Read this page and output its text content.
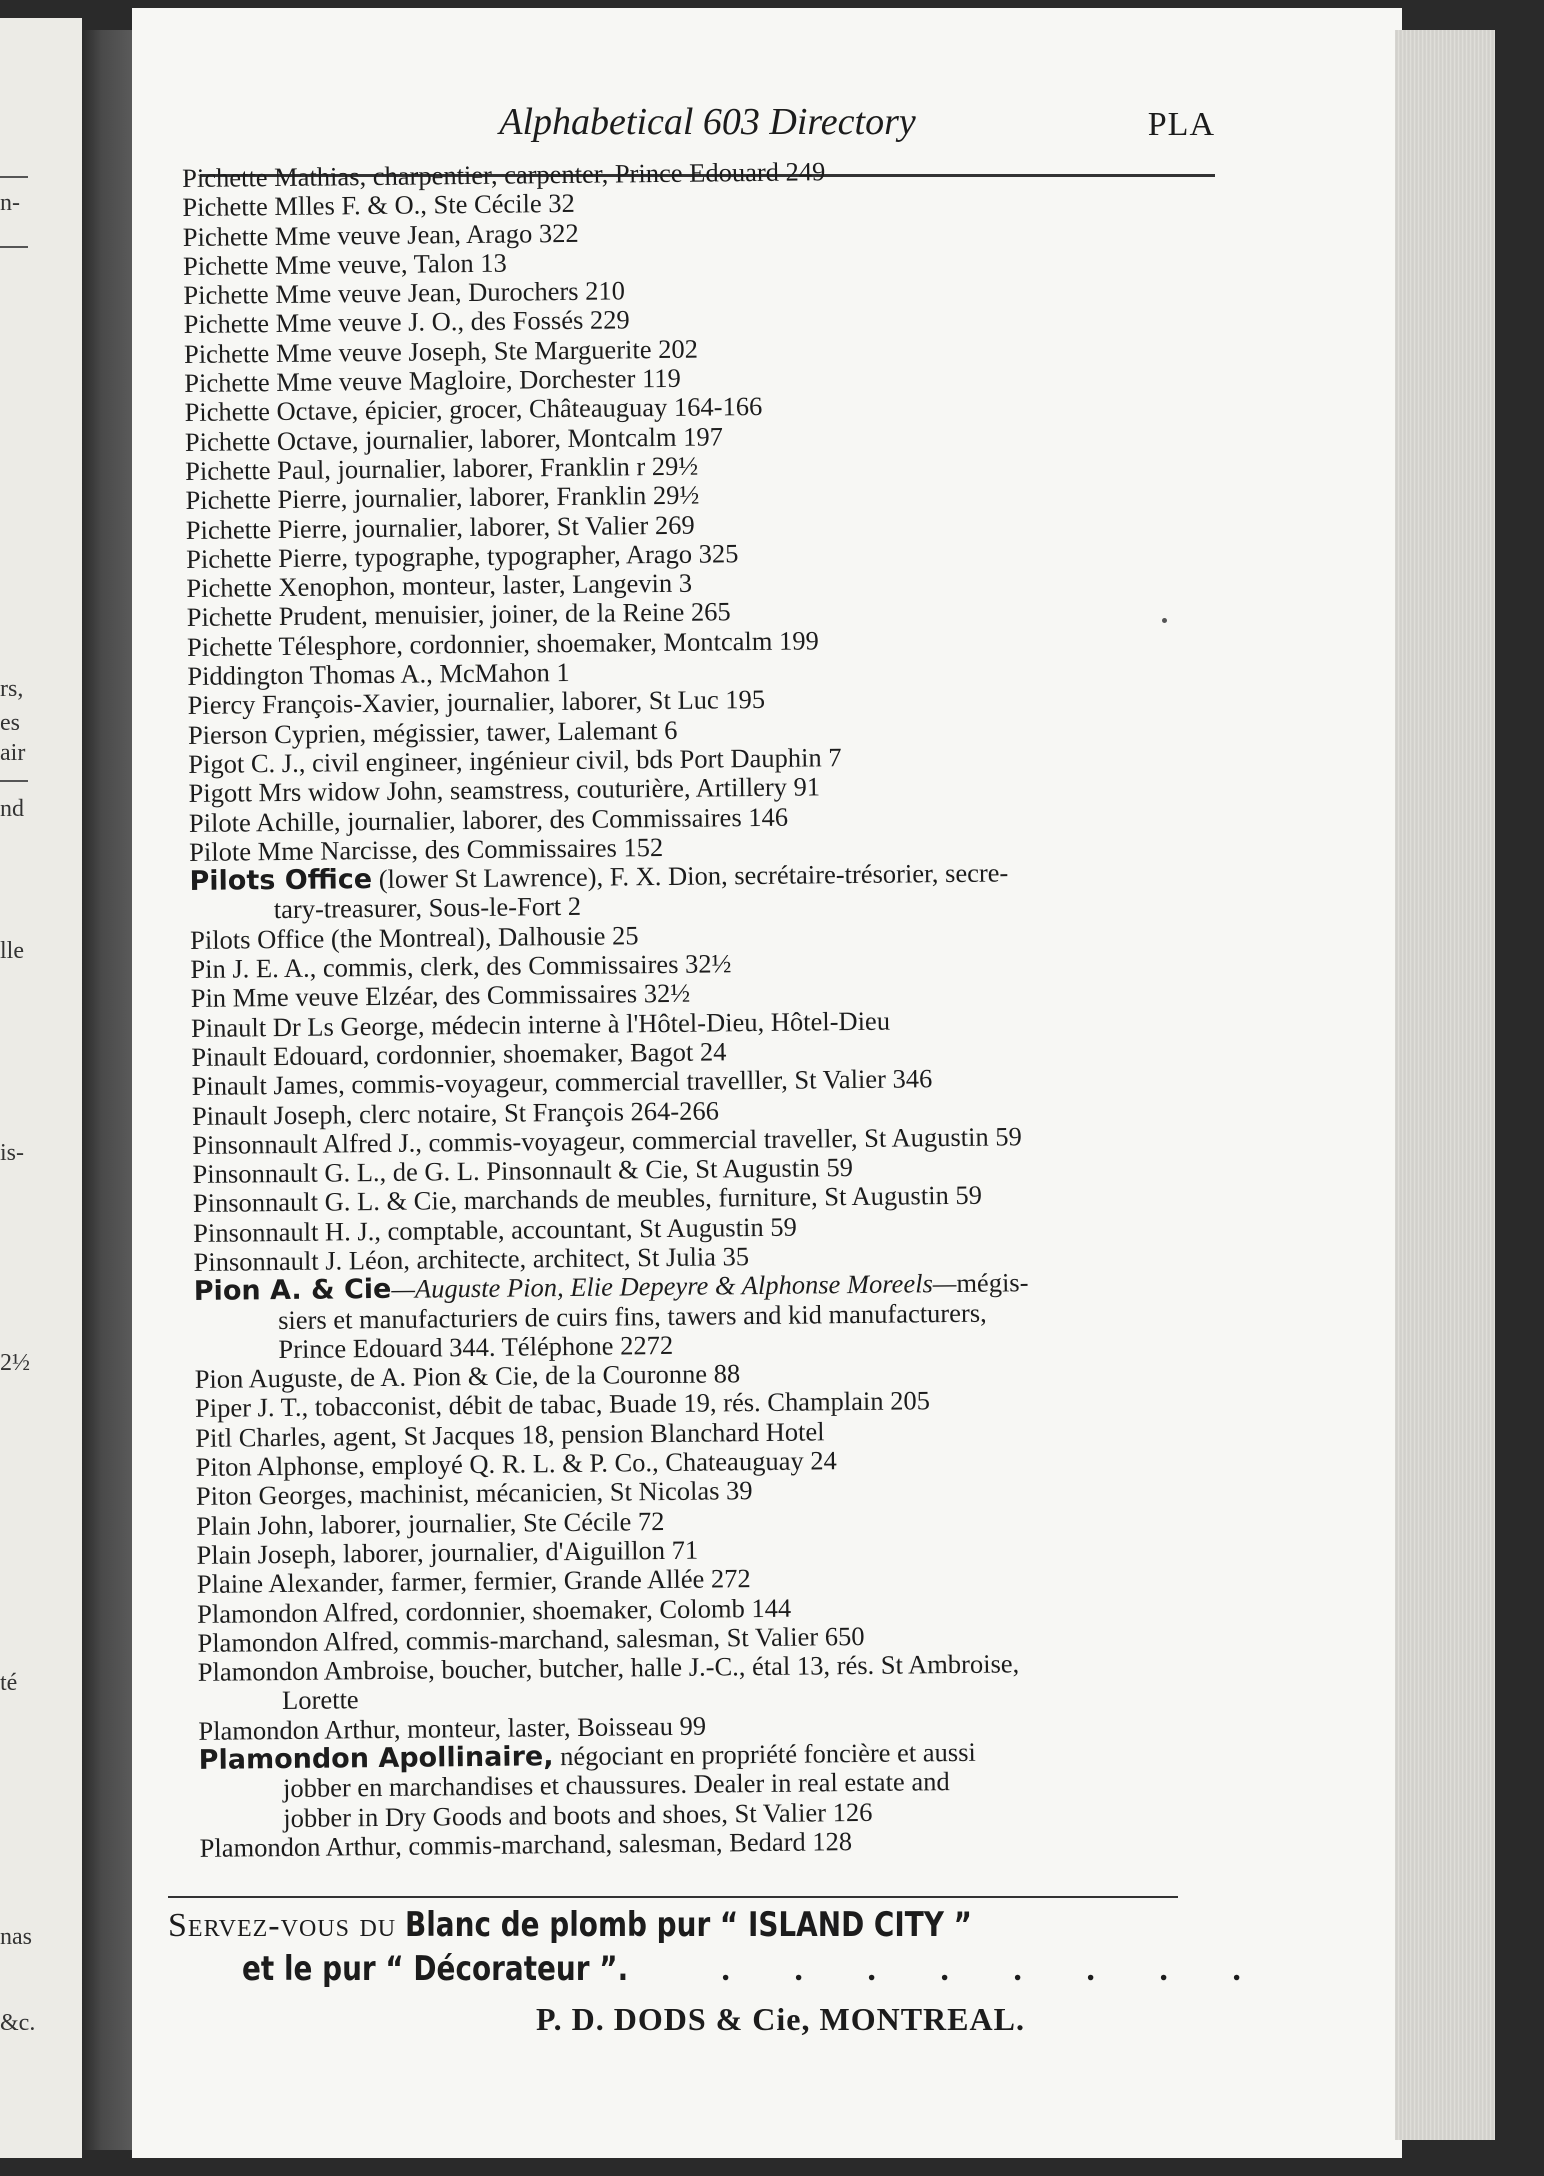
n-
rs,
es
air
nd
lle
is-
2½
té
nas
&c.
Alphabetical 603 Directory	PLA
Pichette Mathias, charpentier, carpenter, Prince Edouard 249
Pichette Mlles F. & O., Ste Cécile 32
Pichette Mme veuve Jean, Arago 322
Pichette Mme veuve, Talon 13
Pichette Mme veuve Jean, Durochers 210
Pichette Mme veuve J. O., des Fossés 229
Pichette Mme veuve Joseph, Ste Marguerite 202
Pichette Mme veuve Magloire, Dorchester 119
Pichette Octave, épicier, grocer, Châteauguay 164-166
Pichette Octave, journalier, laborer, Montcalm 197
Pichette Paul, journalier, laborer, Franklin r 29½
Pichette Pierre, journalier, laborer, Franklin 29½
Pichette Pierre, journalier, laborer, St Valier 269
Pichette Pierre, typographe, typographer, Arago 325
Pichette Xenophon, monteur, laster, Langevin 3
Pichette Prudent, menuisier, joiner, de la Reine 265
Pichette Télesphore, cordonnier, shoemaker, Montcalm 199
Piddington Thomas A., McMahon 1
Piercy François-Xavier, journalier, laborer, St Luc 195
Pierson Cyprien, mégissier, tawer, Lalemant 6
Pigot C. J., civil engineer, ingénieur civil, bds Port Dauphin 7
Pigott Mrs widow John, seamstress, couturière, Artillery 91
Pilote Achille, journalier, laborer, des Commissaires 146
Pilote Mme Narcisse, des Commissaires 152
Pilots Office (lower St Lawrence), F. X. Dion, secrétaire-trésorier, secre-
tary-treasurer, Sous-le-Fort 2
Pilots Office (the Montreal), Dalhousie 25
Pin J. E. A., commis, clerk, des Commissaires 32½
Pin Mme veuve Elzéar, des Commissaires 32½
Pinault Dr Ls George, médecin interne à l'Hôtel-Dieu, Hôtel-Dieu
Pinault Edouard, cordonnier, shoemaker, Bagot 24
Pinault James, commis-voyageur, commercial travelller, St Valier 346
Pinault Joseph, clerc notaire, St François 264-266
Pinsonnault Alfred J., commis-voyageur, commercial traveller, St Augustin 59
Pinsonnault G. L., de G. L. Pinsonnault & Cie, St Augustin 59
Pinsonnault G. L. & Cie, marchands de meubles, furniture, St Augustin 59
Pinsonnault H. J., comptable, accountant, St Augustin 59
Pinsonnault J. Léon, architecte, architect, St Julia 35
Pion A. & Cie—Auguste Pion, Elie Depeyre & Alphonse Moreels—mégis-
siers et manufacturiers de cuirs fins, tawers and kid manufacturers,
Prince Edouard 344. Téléphone 2272
Pion Auguste, de A. Pion & Cie, de la Couronne 88
Piper J. T., tobacconist, débit de tabac, Buade 19, rés. Champlain 205
Pitl Charles, agent, St Jacques 18, pension Blanchard Hotel
Piton Alphonse, employé Q. R. L. & P. Co., Chateauguay 24
Piton Georges, machinist, mécanicien, St Nicolas 39
Plain John, laborer, journalier, Ste Cécile 72
Plain Joseph, laborer, journalier, d'Aiguillon 71
Plaine Alexander, farmer, fermier, Grande Allée 272
Plamondon Alfred, cordonnier, shoemaker, Colomb 144
Plamondon Alfred, commis-marchand, salesman, St Valier 650
Plamondon Ambroise, boucher, butcher, halle J.-C., étal 13, rés. St Ambroise,
Lorette
Plamondon Arthur, monteur, laster, Boisseau 99
Plamondon Apollinaire, négociant en propriété foncière et aussi
jobber en marchandises et chaussures. Dealer in real estate and
jobber in Dry Goods and boots and shoes, St Valier 126
Plamondon Arthur, commis-marchand, salesman, Bedard 128
Servez-vous du Blanc de plomb pur “ ISLAND CITY ”
et le pur “ Décorateur ”.	. . . . . . . .
P. D. DODS & Cie, MONTREAL.
